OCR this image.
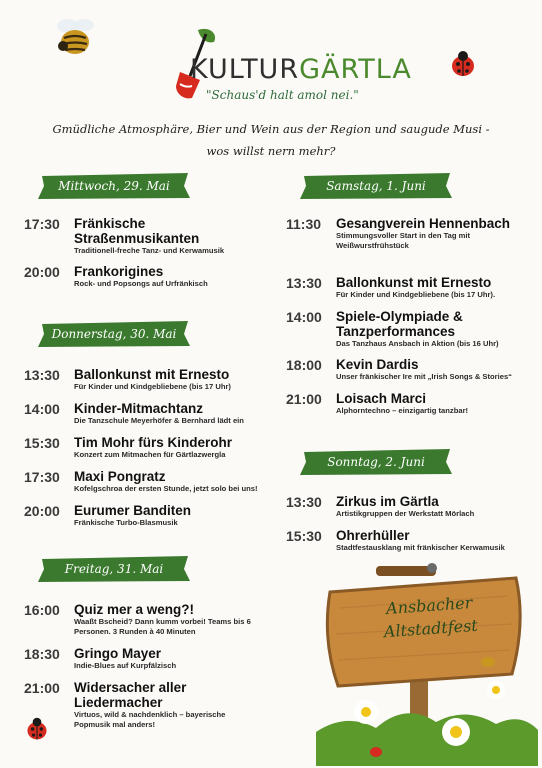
KULTURGÄRTLA
"Schaus'd halt amol nei."
Gmüdliche Atmosphäre, Bier und Wein aus der Region und saugude Musi -
wos willst nern mehr?
Mittwoch, 29. Mai
17:30 Fränkische Straßenmusikanten
Traditionell-freche Tanz- und Kerwamusik
20:00 Frankorigines
Rock- und Popsongs auf Urfränkisch
Donnerstag, 30. Mai
13:30 Ballonkunst mit Ernesto
Für Kinder und Kindgebliebene (bis 17 Uhr)
14:00 Kinder-Mitmachtanz
Die Tanzschule Meyerhöfer & Bernhard lädt ein
15:30 Tim Mohr fürs Kinderohr
Konzert zum Mitmachen für Gärtlazwergla
17:30 Maxi Pongratz
Kofelgschroa der ersten Stunde, jetzt solo bei uns!
20:00 Eurumer Banditen
Fränkische Turbo-Blasmusik
Freitag, 31. Mai
16:00 Quiz mer a weng?!
Waaßt Bscheid? Dann kumm vorbei! Teams bis 6 Personen. 3 Runden à 40 Minuten
18:30 Gringo Mayer
Indie-Blues auf Kurpfälzisch
21:00 Widersacher aller Liedermacher
Virtuos, wild & nachdenklich – bayerische Popmusik mal anders!
Samstag, 1. Juni
11:30 Gesangverein Hennenbach
Stimmungsvoller Start in den Tag mit Weißwurstfrühstück
13:30 Ballonkunst mit Ernesto
Für Kinder und Kindgebliebene (bis 17 Uhr).
14:00 Spiele-Olympiade & Tanzperformances
Das Tanzhaus Ansbach in Aktion (bis 16 Uhr)
18:00 Kevin Dardis
Unser fränkischer Ire mit „Irish Songs & Stories“
21:00 Loisach Marci
Alphorntechno – einzigartig tanzbar!
Sonntag, 2. Juni
13:30 Zirkus im Gärtla
Artistikgruppen der Werkstatt Mörlach
15:30 Ohrerhüller
Stadtfestausklang mit fränkischer Kerwamusik
Ansbacher
Altstadtfest
